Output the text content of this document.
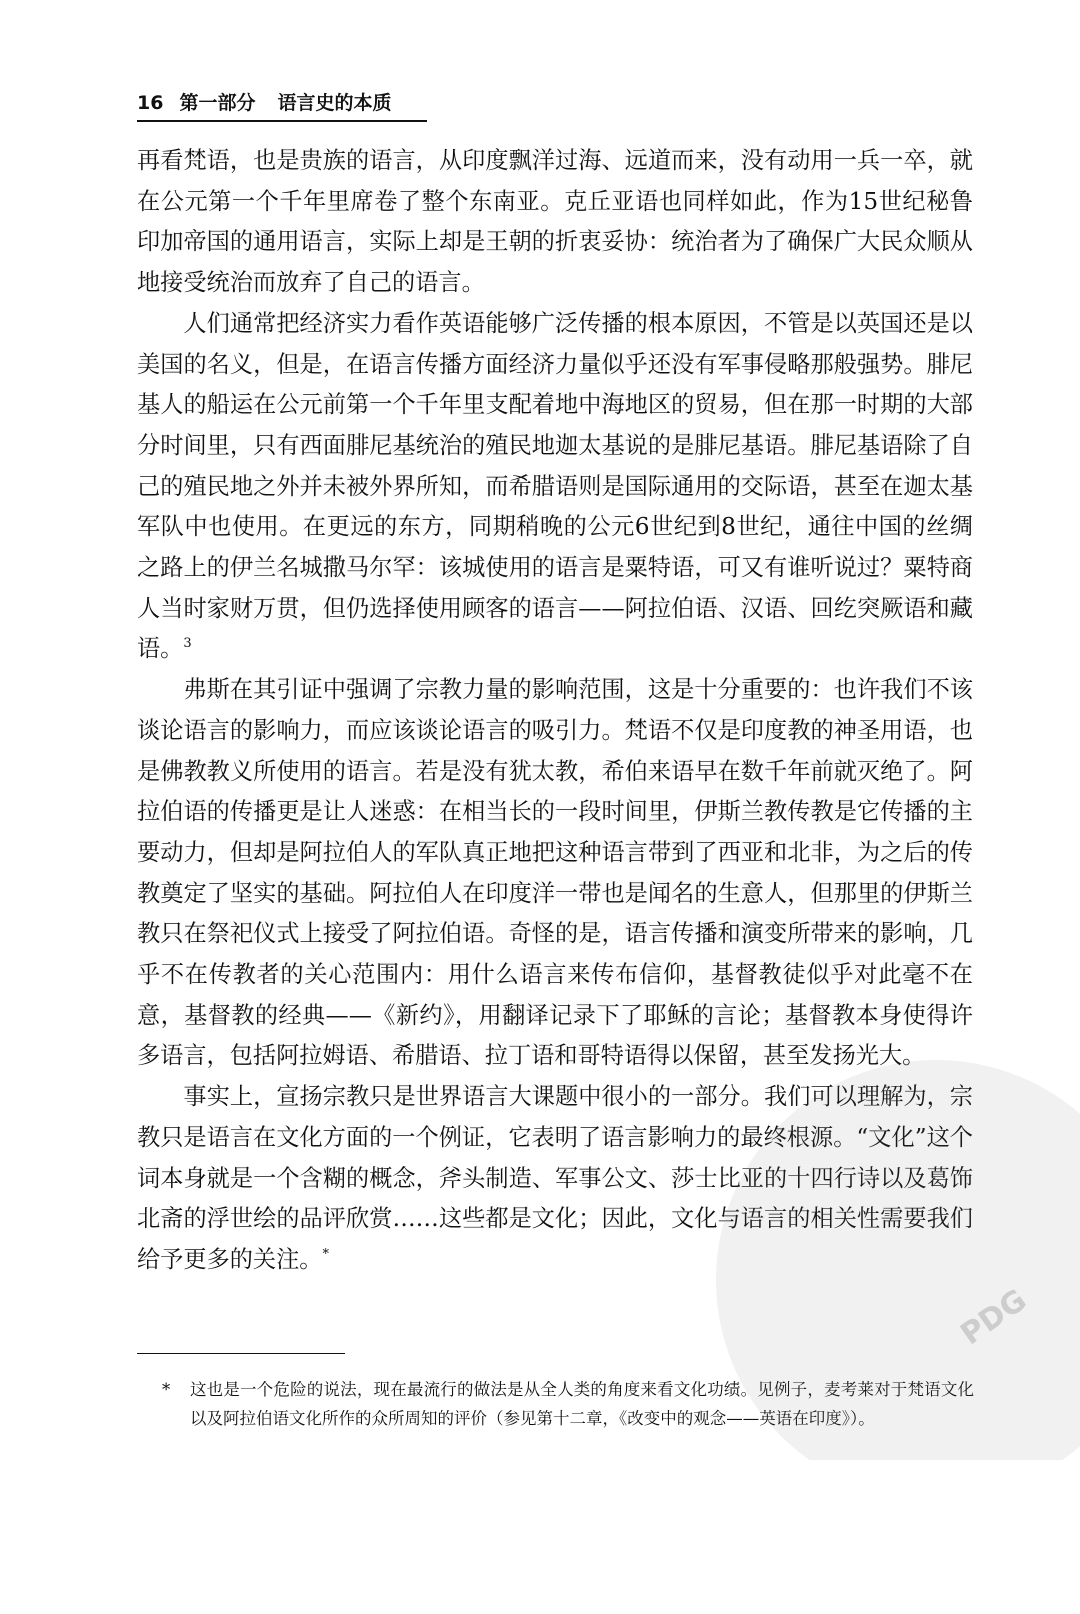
16 第一部分 语言史的本质

再看梵语，也是贵族的语言，从印度飘洋过海、远道而来，没有动用一兵一卒，就在公元第一个千年里席卷了整个东南亚。克丘亚语也同样如此，作为15世纪秘鲁印加帝国的通用语言，实际上却是王朝的折衷妥协：统治者为了确保广大民众顺从地接受统治而放弃了自己的语言。

人们通常把经济实力看作英语能够广泛传播的根本原因，不管是以英国还是以美国的名义，但是，在语言传播方面经济力量似乎还没有军事侵略那般强势。腓尼基人的船运在公元前第一个千年里支配着地中海地区的贸易，但在那一时期的大部分时间里，只有西面腓尼基统治的殖民地迦太基说的是腓尼基语。腓尼基语除了自己的殖民地之外并未被外界所知，而希腊语则是国际通用的交际语，甚至在迦太基军队中也使用。在更远的东方，同期稍晚的公元6世纪到8世纪，通往中国的丝绸之路上的伊兰名城撒马尔罕：该城使用的语言是粟特语，可又有谁听说过？粟特商人当时家财万贯，但仍选择使用顾客的语言——阿拉伯语、汉语、回纥突厥语和藏语。$^3$

弗斯在其引证中强调了宗教力量的影响范围，这是十分重要的：也许我们不该谈论语言的影响力，而应该谈论语言的吸引力。梵语不仅是印度教的神圣用语，也是佛教教义所使用的语言。若是没有犹太教，希伯来语早在数千年前就灭绝了。阿拉伯语的传播更是让人迷惑：在相当长的一段时间里，伊斯兰教传教是它传播的主要动力，但却是阿拉伯人的军队真正地把这种语言带到了西亚和北非，为之后的传教奠定了坚实的基础。阿拉伯人在印度洋一带也是闻名的生意人，但那里的伊斯兰教只在祭祀仪式上接受了阿拉伯语。奇怪的是，语言传播和演变所带来的影响，几乎不在传教者的关心范围内：用什么语言来传布信仰，基督教徒似乎对此毫不在意，基督教的经典——《新约》，用翻译记录下了耶稣的言论；基督教本身使得许多语言，包括阿拉姆语、希腊语、拉丁语和哥特语得以保留，甚至发扬光大。

事实上，宣扬宗教只是世界语言大课题中很小的一部分。我们可以理解为，宗教只是语言在文化方面的一个例证，它表明了语言影响力的最终根源。“文化”这个词本身就是一个含糊的概念，斧头制造、军事公文、莎士比亚的十四行诗以及葛饰北斋的浮世绘的品评欣赏……这些都是文化；因此，文化与语言的相关性需要我们给予更多的关注。*

*	这也是一个危险的说法，现在最流行的做法是从全人类的角度来看文化功绩。见例子，麦考莱对于梵语文化以及阿拉伯语文化所作的众所周知的评价（参见第十二章，《改变中的观念——英语在印度》）。
PDG
